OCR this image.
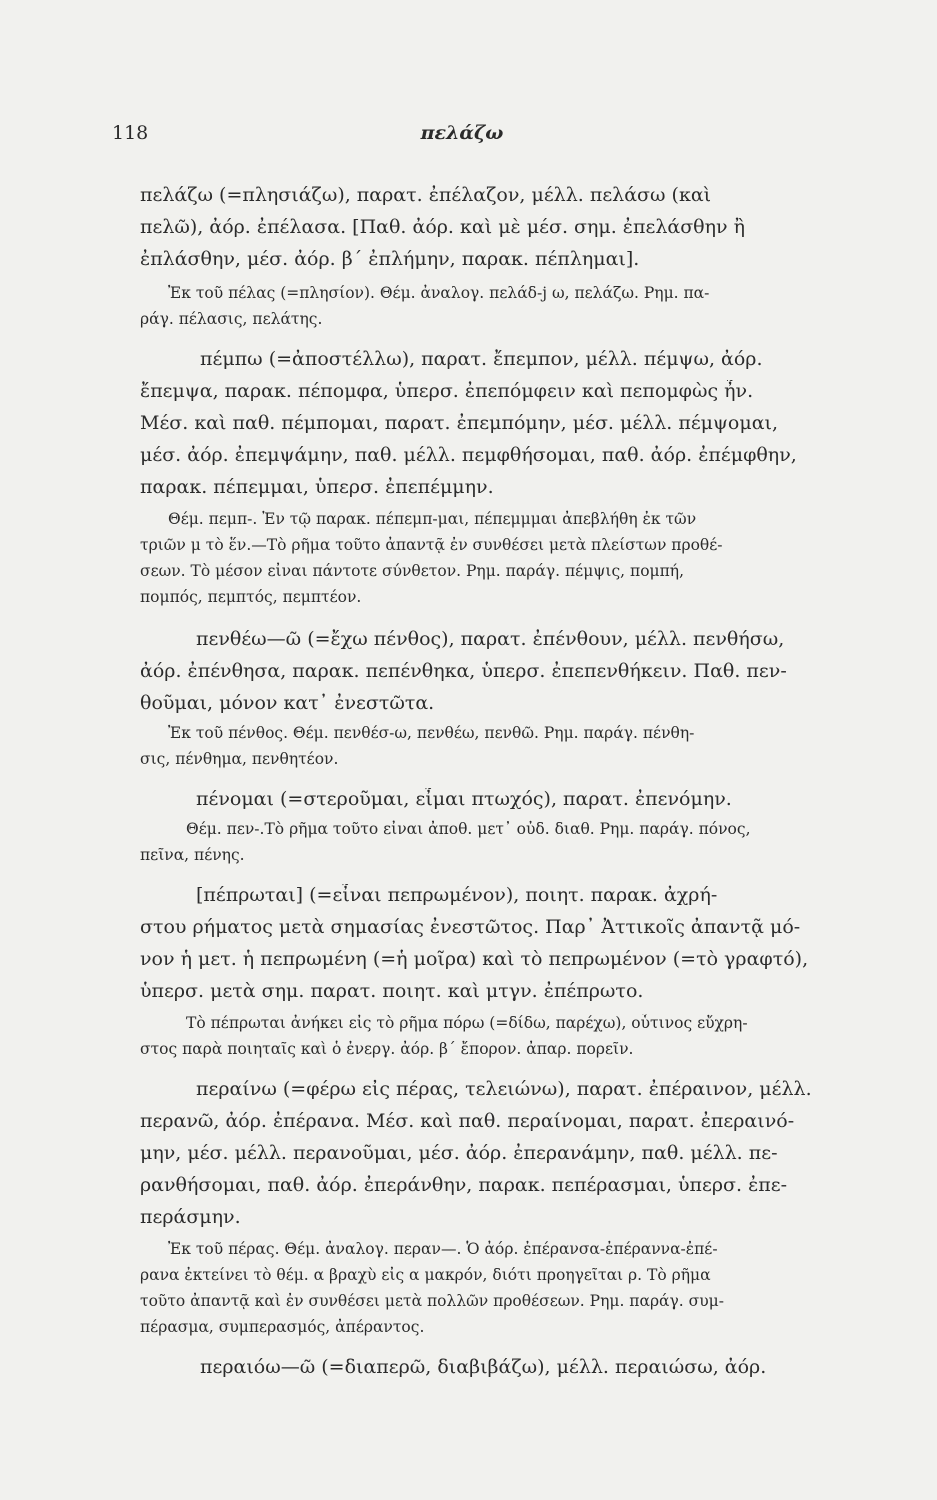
118	πελάζω
πελάζω (=πλησιάζω), παρατ. ἐπέλαζον, μέλλ. πελάσω (καὶ
πελῶ), ἀόρ. ἐπέλασα. [Παθ. ἀόρ. καὶ μὲ μέσ. σημ. ἐπελάσθην ἢ
ἐπλάσθην, μέσ. ἀόρ. β΄ ἐπλήμην, παρακ. πέπλημαι].
Ἐκ τοῦ πέλας (=πλησίον). Θέμ. ἀναλογ. πελάδ-j ω, πελάζω. Ρημ. πα-
ράγ. πέλασις, πελάτης.
πέμπω (=ἀποστέλλω), παρατ. ἔπεμπον, μέλλ. πέμψω, ἀόρ.
ἔπεμψα, παρακ. πέπομφα, ὑπερσ. ἐπεπόμφειν καὶ πεπομφὼς ἦν.
Μέσ. καὶ παθ. πέμπομαι, παρατ. ἐπεμπόμην, μέσ. μέλλ. πέμψομαι,
μέσ. ἀόρ. ἐπεμψάμην, παθ. μέλλ. πεμφθήσομαι, παθ. ἀόρ. ἐπέμφθην,
παρακ. πέπεμμαι, ὑπερσ. ἐπεπέμμην.
Θέμ. πεμπ-. Ἐν τῷ παρακ. πέπεμπ-μαι, πέπεμμμαι ἀπεβλήθη ἐκ τῶν
τριῶν μ τὸ ἕν.—Τὸ ρῆμα τοῦτο ἀπαντᾷ ἐν συνθέσει μετὰ πλείστων προθέ-
σεων. Τὸ μέσον εἶναι πάντοτε σύνθετον. Ρημ. παράγ. πέμψις, πομπή,
πομπός, πεμπτός, πεμπτέον.
πενθέω—ῶ (=ἔχω πένθος), παρατ. ἐπένθουν, μέλλ. πενθήσω,
ἀόρ. ἐπένθησα, παρακ. πεπένθηκα, ὑπερσ. ἐπεπενθήκειν. Παθ. πεν-
θοῦμαι, μόνον κατ᾽ ἐνεστῶτα.
Ἐκ τοῦ πένθος. Θέμ. πενθέσ-ω, πενθέω, πενθῶ. Ρημ. παράγ. πένθη-
σις, πένθημα, πενθητέον.
πένομαι (=στεροῦμαι, εἶμαι πτωχός), παρατ. ἐπενόμην.
Θέμ. πεν-.Τὸ ρῆμα τοῦτο εἶναι ἀποθ. μετ᾽ οὐδ. διαθ. Ρημ. παράγ. πόνος,
πεῖνα, πένης.
[πέπρωται] (=εἶναι πεπρωμένον), ποιητ. παρακ. ἀχρή-
στου ρήματος μετὰ σημασίας ἐνεστῶτος. Παρ᾽ Ἀττικοῖς ἀπαντᾷ μό-
νον ἡ μετ. ἡ πεπρωμένη (=ἡ μοῖρα) καὶ τὸ πεπρωμένον (=τὸ γραφτό),
ὑπερσ. μετὰ σημ. παρατ. ποιητ. καὶ μτγν. ἐπέπρωτο.
Τὸ πέπρωται ἀνήκει εἰς τὸ ρῆμα πόρω (=δίδω, παρέχω), οὗτινος εὔχρη-
στος παρὰ ποιηταῖς καὶ ὁ ἐνεργ. ἀόρ. β΄ ἔπορον. ἀπαρ. πορεῖν.
περαίνω (=φέρω εἰς πέρας, τελειώνω), παρατ. ἐπέραινον, μέλλ.
περανῶ, ἀόρ. ἐπέρανα. Μέσ. καὶ παθ. περαίνομαι, παρατ. ἐπεραινό-
μην, μέσ. μέλλ. περανοῦμαι, μέσ. ἀόρ. ἐπερανάμην, παθ. μέλλ. πε-
ρανθήσομαι, παθ. ἀόρ. ἐπεράνθην, παρακ. πεπέρασμαι, ὑπερσ. ἐπε-
περάσμην.
Ἐκ τοῦ πέρας. Θέμ. ἀναλογ. περαν—. Ὁ ἀόρ. ἐπέρανσα-ἐπέραννα-ἐπέ-
ρανα ἐκτείνει τὸ θέμ. α βραχὺ εἰς α μακρόν, διότι προηγεῖται ρ. Τὸ ρῆμα
τοῦτο ἀπαντᾷ καὶ ἐν συνθέσει μετὰ πολλῶν προθέσεων. Ρημ. παράγ. συμ-
πέρασμα, συμπερασμός, ἀπέραντος.
περαιόω—ῶ (=διαπερῶ, διαβιβάζω), μέλλ. περαιώσω, ἀόρ.
